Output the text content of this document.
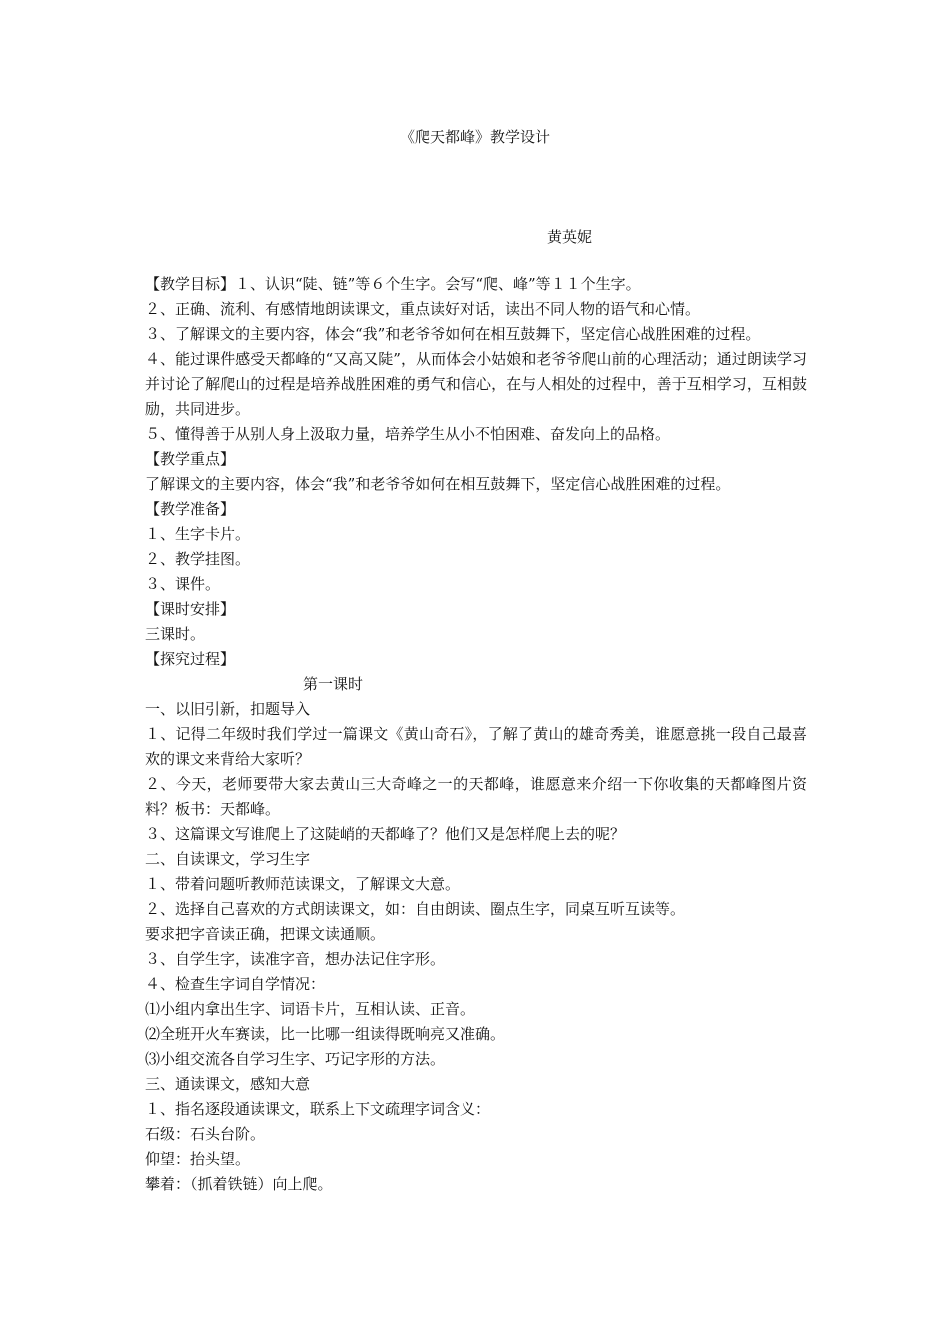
《爬天都峰》教学设计
黄英妮

【教学目标】１、认识“陡、链”等６个生字。会写“爬、峰”等１１个生字。

２、正确、流利、有感情地朗读课文，重点读好对话，读出不同人物的语气和心情。

３、了解课文的主要内容，体会“我”和老爷爷如何在相互鼓舞下，坚定信心战胜困难的过程。

４、能过课件感受天都峰的“又高又陡”，从而体会小姑娘和老爷爷爬山前的心理活动；通过朗读学习并讨论了解爬山的过程是培养战胜困难的勇气和信心，在与人相处的过程中，善于互相学习，互相鼓励，共同进步。

５、懂得善于从别人身上汲取力量，培养学生从小不怕困难、奋发向上的品格。

【教学重点】

了解课文的主要内容，体会“我”和老爷爷如何在相互鼓舞下，坚定信心战胜困难的过程。

【教学准备】

１、生字卡片。

２、教学挂图。

３、课件。

【课时安排】

三课时。

【探究过程】

第一课时

一、以旧引新，扣题导入

１、记得二年级时我们学过一篇课文《黄山奇石》，了解了黄山的雄奇秀美，谁愿意挑一段自己最喜欢的课文来背给大家听？

２、今天，老师要带大家去黄山三大奇峰之一的天都峰，谁愿意来介绍一下你收集的天都峰图片资料？板书：天都峰。

３、这篇课文写谁爬上了这陡峭的天都峰了？他们又是怎样爬上去的呢？

二、自读课文，学习生字

１、带着问题听教师范读课文，了解课文大意。

２、选择自己喜欢的方式朗读课文，如：自由朗读、圈点生字，同桌互听互读等。

要求把字音读正确，把课文读通顺。

３、自学生字，读准字音，想办法记住字形。

４、检查生字词自学情况：

⑴小组内拿出生字、词语卡片，互相认读、正音。

⑵全班开火车赛读，比一比哪一组读得既响亮又准确。

⑶小组交流各自学习生字、巧记字形的方法。

三、通读课文，感知大意

１、指名逐段通读课文，联系上下文疏理字词含义：

石级：石头台阶。

仰望：抬头望。

攀着：（抓着铁链）向上爬。
